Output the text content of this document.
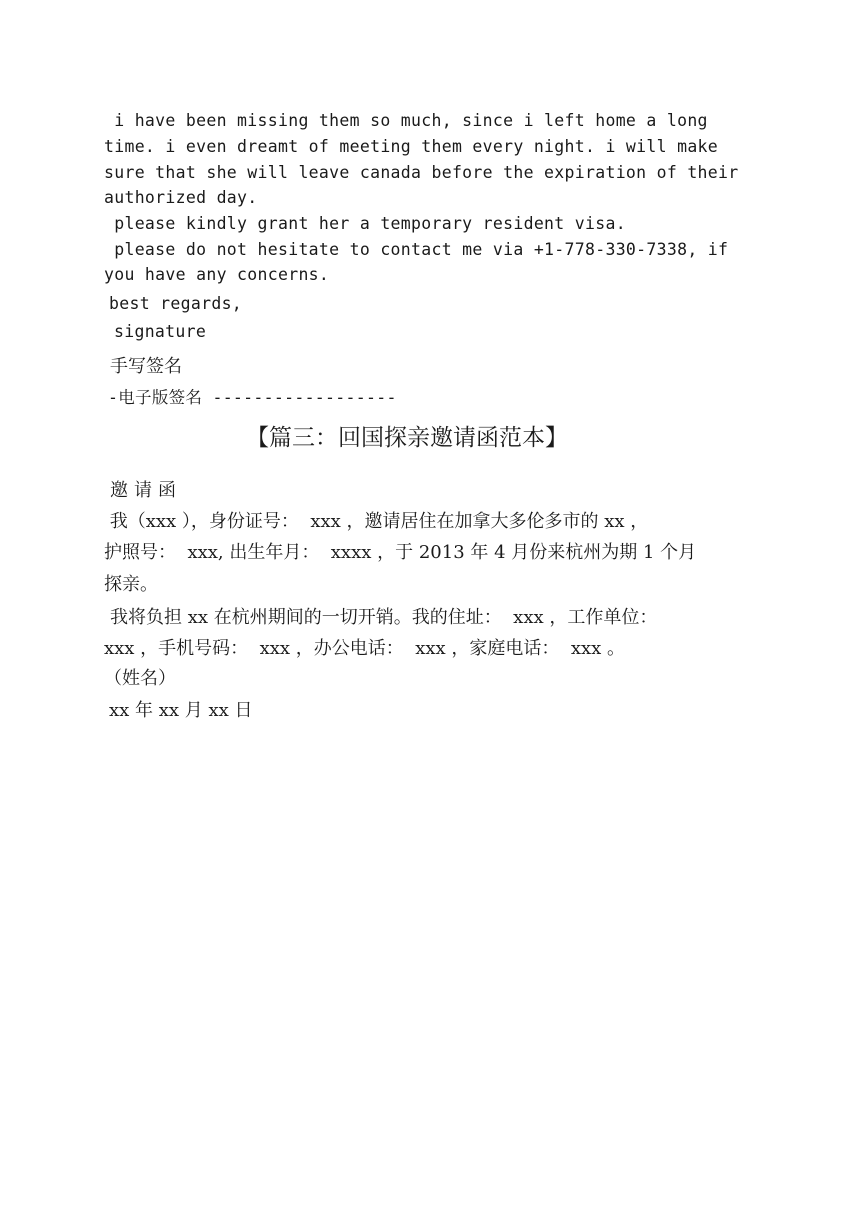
i have been missing them so much, since i left home a long
time. i even dreamt of meeting them every night. i will make
sure that she will leave canada before the expiration of their
authorized day.
please kindly grant her a temporary resident visa.
please do not hesitate to contact me via +1-778-330-7338, if
you have any concerns.
best regards,
signature
手写签名
-电子版签名 ------------------
【篇三：回国探亲邀请函范本】
邀请函
我（xxx ），身份证号：  xxx ，邀请居住在加拿大多伦多市的 xx ，
护照号：  xxx, 出生年月：  xxxx ，于 2013 年 4 月份来杭州为期 1 个月
探亲。
我将负担 xx 在杭州期间的一切开销。我的住址：  xxx ，工作单位：
xxx ，手机号码：  xxx ，办公电话：  xxx ，家庭电话：  xxx 。
（姓名）
xx 年 xx 月 xx 日
